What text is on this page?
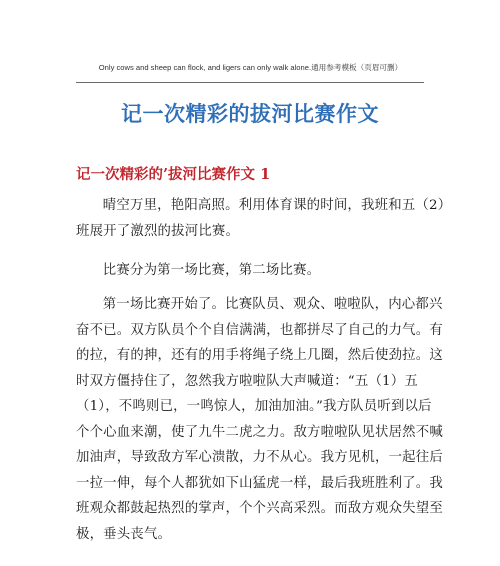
Only cows and sheep can flock, and ligers can only walk alone.通用参考模板（页眉可删）
记一次精彩的拔河比赛作文
记一次精彩的’拔河比赛作文 1
晴空万里，艳阳高照。利用体育课的时间，我班和五（2）
班展开了激烈的拔河比赛。
比赛分为第一场比赛，第二场比赛。
第一场比赛开始了。比赛队员、观众、啦啦队，内心都兴
奋不已。双方队员个个自信满满，也都拼尽了自己的力气。有
的拉，有的抻，还有的用手将绳子绕上几圈，然后使劲拉。这
时双方僵持住了，忽然我方啦啦队大声喊道：“五（1）五
（1），不鸣则已，一鸣惊人，加油加油。”我方队员听到以后
个个心血来潮，使了九牛二虎之力。敌方啦啦队见状居然不喊
加油声，导致敌方军心溃散，力不从心。我方见机，一起往后
一拉一伸，每个人都犹如下山猛虎一样，最后我班胜利了。我
班观众都鼓起热烈的掌声，个个兴高采烈。而敌方观众失望至
极，垂头丧气。
